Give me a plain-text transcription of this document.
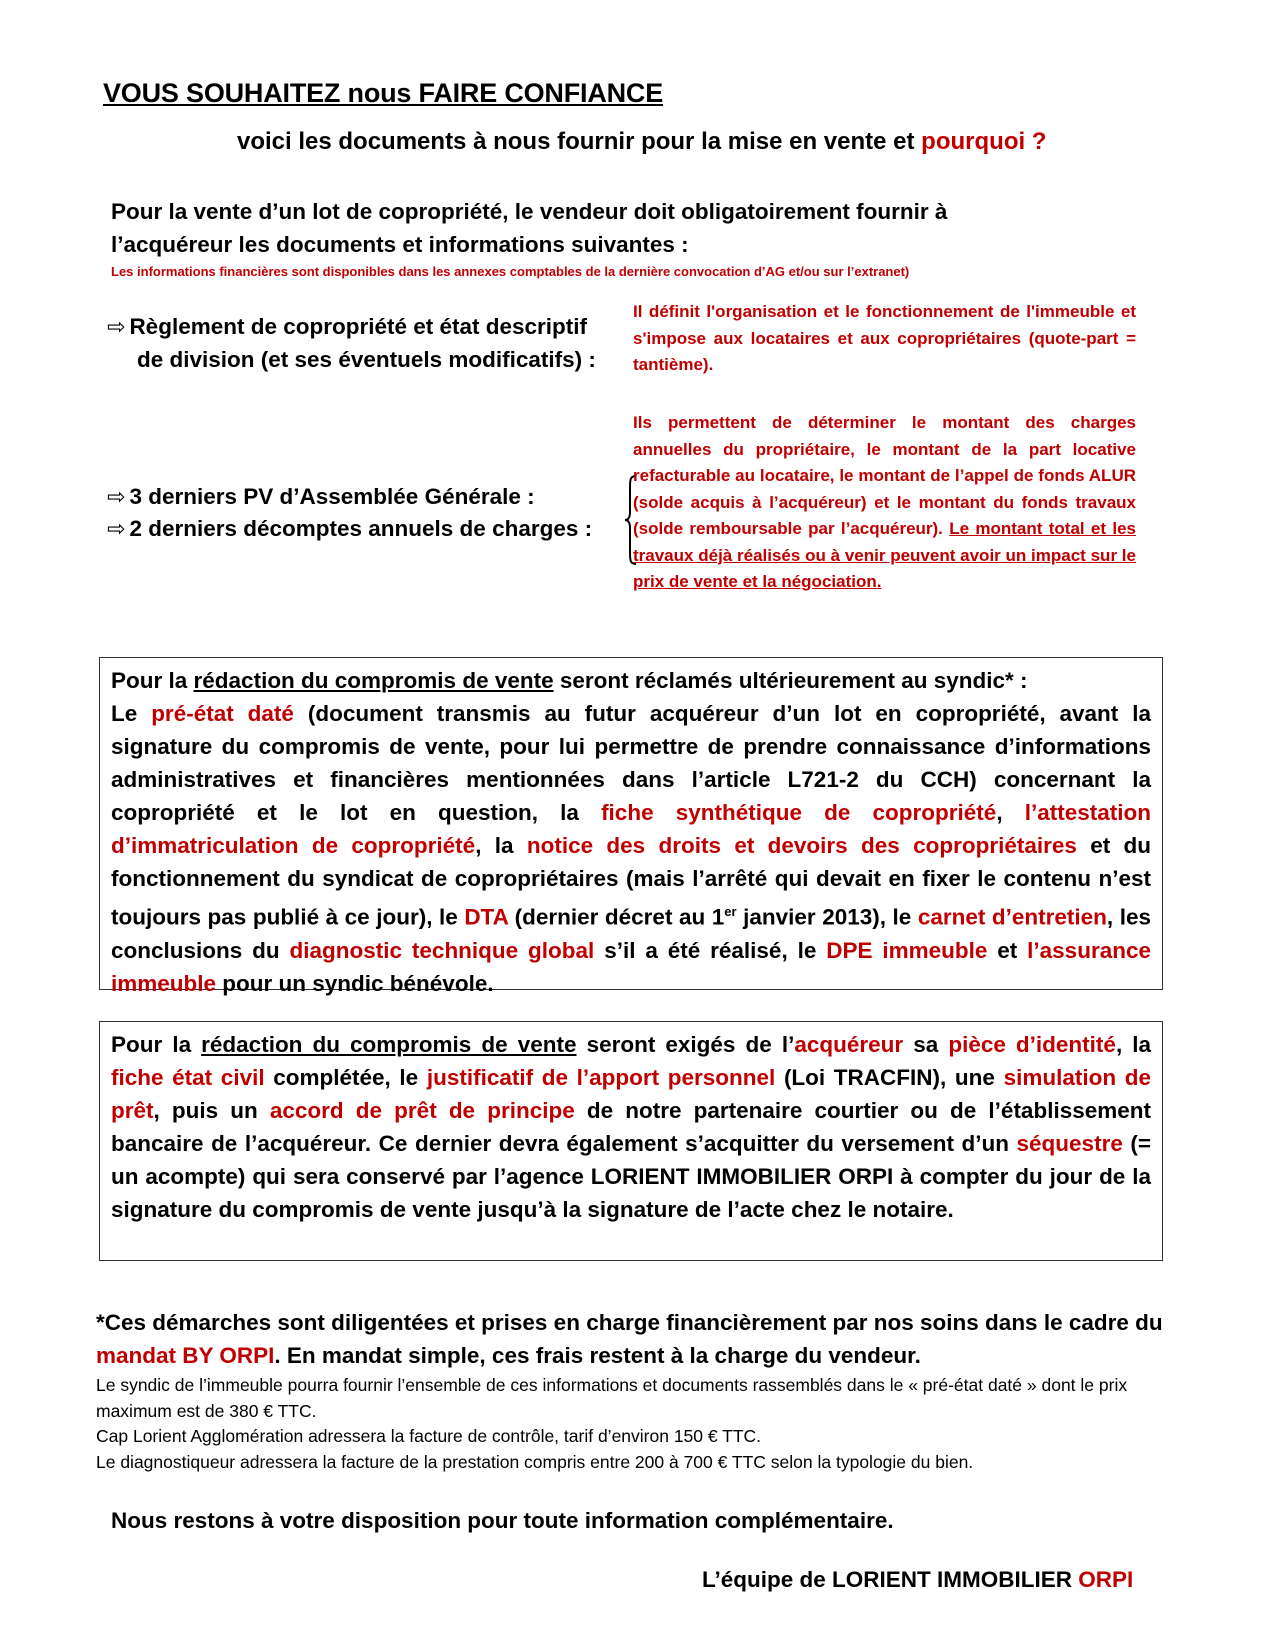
VOUS SOUHAITEZ nous FAIRE CONFIANCE
voici les documents à nous fournir pour la mise en vente et pourquoi ?
Pour la vente d’un lot de copropriété, le vendeur doit obligatoirement fournir à
l’acquéreur les documents et informations suivantes :
Les informations financières sont disponibles dans les annexes comptables de la dernière convocation d’AG et/ou sur l’extranet)
⇨ Règlement de copropriété et état descriptif
de division (et ses éventuels modificatifs) :
Il définit l'organisation et le fonctionnement de l'immeuble et s'impose aux locataires et aux copropriétaires (quote-part = tantième).
⇨ 3 derniers PV d’Assemblée Générale :
⇨ 2 derniers décomptes annuels de charges :
Ils permettent de déterminer le montant des charges annuelles du propriétaire, le montant de la part locative refacturable au locataire, le montant de l’appel de fonds ALUR (solde acquis à l’acquéreur) et le montant du fonds travaux (solde remboursable par l’acquéreur). Le montant total et les travaux déjà réalisés ou à venir peuvent avoir un impact sur le prix de vente et la négociation.
Pour la rédaction du compromis de vente seront réclamés ultérieurement au syndic* :
Le pré-état daté (document transmis au futur acquéreur d’un lot en copropriété, avant la signature du compromis de vente, pour lui permettre de prendre connaissance d’informations administratives et financières mentionnées dans l’article L721-2 du CCH) concernant la copropriété et le lot en question, la fiche synthétique de copropriété, l’attestation d’immatriculation de copropriété, la notice des droits et devoirs des copropriétaires et du fonctionnement du syndicat de copropriétaires (mais l’arrêté qui devait en fixer le contenu n’est toujours pas publié à ce jour), le DTA (dernier décret au 1er janvier 2013), le carnet d’entretien, les conclusions du diagnostic technique global s’il a été réalisé, le DPE immeuble et l’assurance immeuble pour un syndic bénévole.
Pour la rédaction du compromis de vente seront exigés de l’acquéreur sa pièce d’identité, la fiche état civil complétée, le justificatif de l’apport personnel (Loi TRACFIN), une simulation de prêt, puis un accord de prêt de principe de notre partenaire courtier ou de l’établissement bancaire de l’acquéreur. Ce dernier devra également s’acquitter du versement d’un séquestre (= un acompte) qui sera conservé par l’agence LORIENT IMMOBILIER ORPI à compter du jour de la signature du compromis de vente jusqu’à la signature de l’acte chez le notaire.
*Ces démarches sont diligentées et prises en charge financièrement par nos soins dans le cadre du mandat BY ORPI. En mandat simple, ces frais restent à la charge du vendeur.
Le syndic de l’immeuble pourra fournir l’ensemble de ces informations et documents rassemblés dans le « pré-état daté » dont le prix maximum est de 380 € TTC.
Cap Lorient Agglomération adressera la facture de contrôle, tarif d’environ 150 € TTC.
Le diagnostiqueur adressera la facture de la prestation compris entre 200 à 700 € TTC selon la typologie du bien.
Nous restons à votre disposition pour toute information complémentaire.
L’équipe de LORIENT IMMOBILIER ORPI
